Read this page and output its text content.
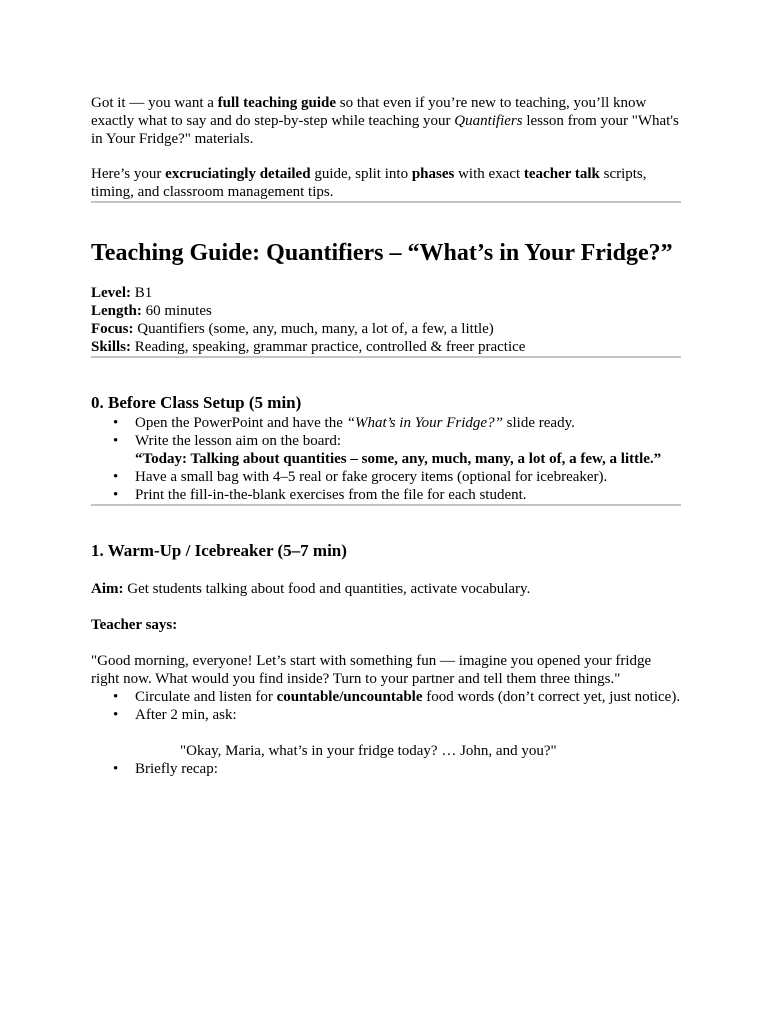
Got it — you want a full teaching guide so that even if you’re new to teaching, you’ll know exactly what to say and do step-by-step while teaching your Quantifiers lesson from your "What's in Your Fridge?" materials.

Here’s your excruciatingly detailed guide, split into phases with exact teacher talk scripts, timing, and classroom management tips.

Teaching Guide: Quantifiers – “What’s in Your Fridge?”
Level: B1
Length: 60 minutes
Focus: Quantifiers (some, any, much, many, a lot of, a few, a little)
Skills: Reading, speaking, grammar practice, controlled & freer practice
0. Before Class Setup (5 min)
• Open the PowerPoint and have the “What’s in Your Fridge?” slide ready.
• Write the lesson aim on the board:
“Today: Talking about quantities – some, any, much, many, a lot of, a few, a little.”
• Have a small bag with 4–5 real or fake grocery items (optional for icebreaker).
• Print the fill-in-the-blank exercises from the file for each student.
1. Warm-Up / Icebreaker (5–7 min)

Aim: Get students talking about food and quantities, activate vocabulary.

Teacher says:

"Good morning, everyone! Let’s start with something fun — imagine you opened your fridge right now. What would you find inside? Turn to your partner and tell them three things."

• Circulate and listen for countable/uncountable food words (don’t correct yet, just notice).
• After 2 min, ask:

"Okay, Maria, what’s in your fridge today? … John, and you?"

• Briefly recap:
